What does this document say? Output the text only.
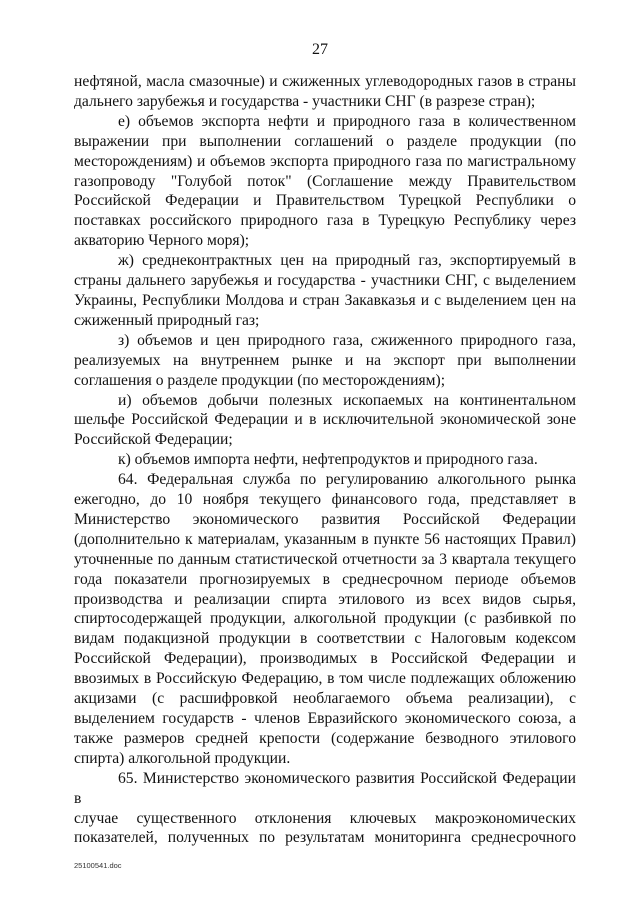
27

нефтяной, масла смазочные) и сжиженных углеводородных газов в страны

дальнего зарубежья и государства - участники СНГ (в разрезе стран);

е) объемов экспорта нефти и природного газа в количественном

выражении при выполнении соглашений о разделе продукции (по

месторождениям) и объемов экспорта природного газа по магистральному

газопроводу "Голубой поток" (Соглашение между Правительством

Российской Федерации и Правительством Турецкой Республики о

поставках российского природного газа в Турецкую Республику через

акваторию Черного моря);

ж) среднеконтрактных цен на природный газ, экспортируемый в

страны дальнего зарубежья и государства - участники СНГ, с выделением

Украины, Республики Молдова и стран Закавказья и с выделением цен на

сжиженный природный газ;

з) объемов и цен природного газа, сжиженного природного газа,

реализуемых на внутреннем рынке и на экспорт при выполнении

соглашения о разделе продукции (по месторождениям);

и) объемов добычи полезных ископаемых на континентальном

шельфе Российской Федерации и в исключительной экономической зоне

Российской Федерации;

к) объемов импорта нефти, нефтепродуктов и природного газа.

64. Федеральная служба по регулированию алкогольного рынка

ежегодно, до 10 ноября текущего финансового года, представляет в

Министерство экономического развития Российской Федерации

(дополнительно к материалам, указанным в пункте 56 настоящих Правил)

уточненные по данным статистической отчетности за 3 квартала текущего

года показатели прогнозируемых в среднесрочном периоде объемов

производства и реализации спирта этилового из всех видов сырья,

спиртосодержащей продукции, алкогольной продукции (с разбивкой по

видам подакцизной продукции в соответствии с Налоговым кодексом

Российской Федерации), производимых в Российской Федерации и

ввозимых в Российскую Федерацию, в том числе подлежащих обложению

акцизами (с расшифровкой необлагаемого объема реализации), с

выделением государств - членов Евразийского экономического союза, а

также размеров средней крепости (содержание безводного этилового

спирта) алкогольной продукции.

65. Министерство экономического развития Российской Федерации в

случае существенного отклонения ключевых макроэкономических

показателей, полученных по результатам мониторинга среднесрочного

25100541.doc
